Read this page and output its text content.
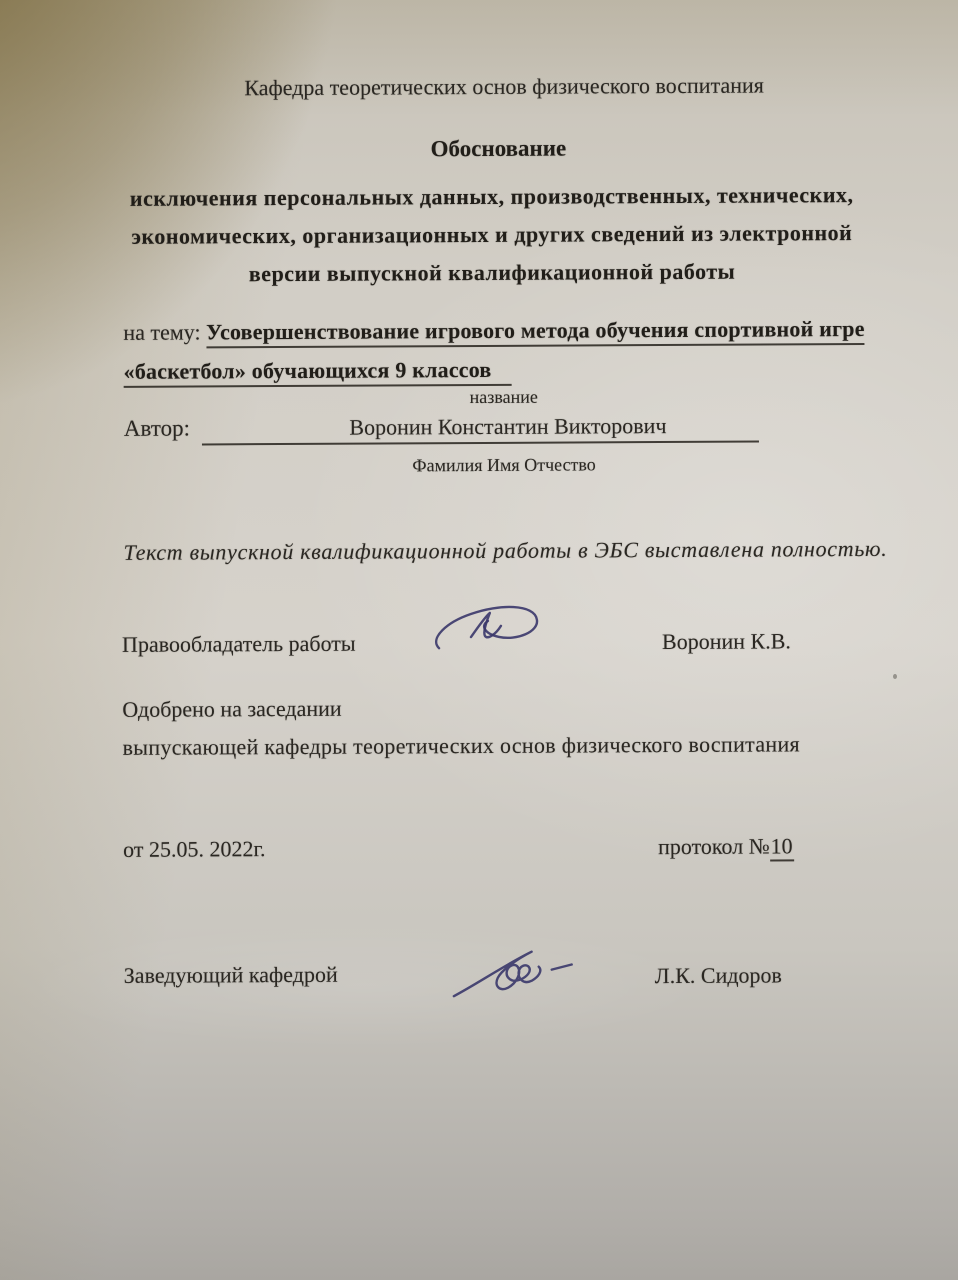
Кафедра теоретических основ физического воспитания
Обоснование
исключения персональных данных, производственных, технических,
экономических, организационных и других сведений из электронной
версии выпускной квалификационной работы
на тему: Усовершенствование игрового метода обучения спортивной игре
«баскетбол» обучающихся 9 классов
название
Автор:	Воронин Константин Викторович
Фамилия Имя Отчество
Текст выпускной квалификационной работы в ЭБС выставлена полностью.
Правообладатель работы	Воронин К.В.
Одобрено на заседании
выпускающей кафедры теоретических основ физического воспитания
от 25.05. 2022г.	протокол №10
Заведующий кафедрой	Л.К. Сидоров
